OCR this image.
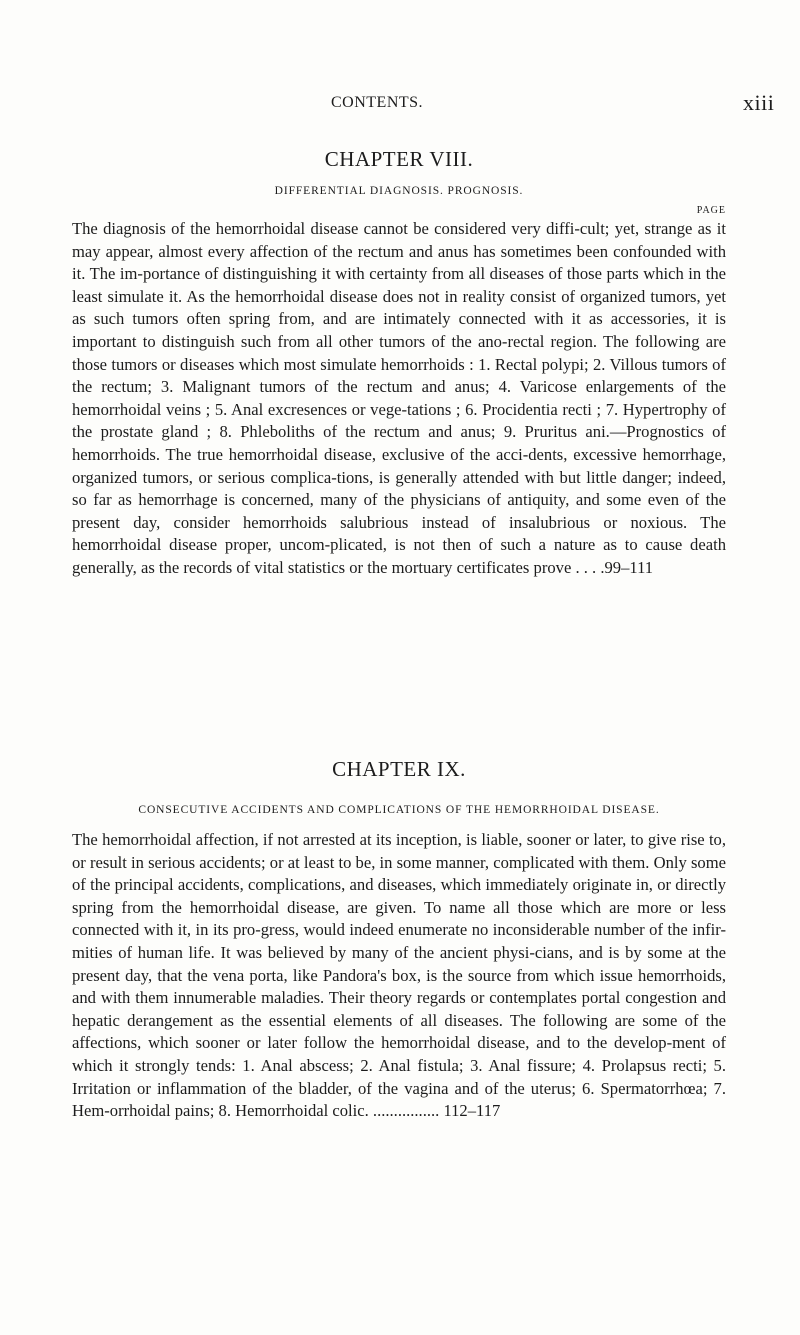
CONTENTS.	xiii
CHAPTER VIII.
DIFFERENTIAL DIAGNOSIS. PROGNOSIS.
PAGE

The diagnosis of the hemorrhoidal disease cannot be considered very diffi-cult; yet, strange as it may appear, almost every affection of the rectum and anus has sometimes been confounded with it. The im-portance of distinguishing it with certainty from all diseases of those parts which in the least simulate it. As the hemorrhoidal disease does not in reality consist of organized tumors, yet as such tumors often spring from, and are intimately connected with it as accessories, it is important to distinguish such from all other tumors of the ano-rectal region. The following are those tumors or diseases which most simulate hemorrhoids : 1. Rectal polypi; 2. Villous tumors of the rectum; 3. Malignant tumors of the rectum and anus; 4. Varicose enlargements of the hemorrhoidal veins ; 5. Anal excresences or vege-tations ; 6. Procidentia recti ; 7. Hypertrophy of the prostate gland ; 8. Phleboliths of the rectum and anus; 9. Pruritus ani.—Prognostics of hemorrhoids. The true hemorrhoidal disease, exclusive of the acci-dents, excessive hemorrhage, organized tumors, or serious complica-tions, is generally attended with but little danger; indeed, so far as hemorrhage is concerned, many of the physicians of antiquity, and some even of the present day, consider hemorrhoids salubrious instead of insalubrious or noxious. The hemorrhoidal disease proper, uncom-plicated, is not then of such a nature as to cause death generally, as the records of vital statistics or the mortuary certificates prove . . . .99–111

CHAPTER IX.
CONSECUTIVE ACCIDENTS AND COMPLICATIONS OF THE HEMORRHOIDAL DISEASE.

The hemorrhoidal affection, if not arrested at its inception, is liable, sooner or later, to give rise to, or result in serious accidents; or at least to be, in some manner, complicated with them. Only some of the principal accidents, complications, and diseases, which immediately originate in, or directly spring from the hemorrhoidal disease, are given. To name all those which are more or less connected with it, in its pro-gress, would indeed enumerate no inconsiderable number of the infir-mities of human life. It was believed by many of the ancient physi-cians, and is by some at the present day, that the vena porta, like Pandora's box, is the source from which issue hemorrhoids, and with them innumerable maladies. Their theory regards or contemplates portal congestion and hepatic derangement as the essential elements of all diseases. The following are some of the affections, which sooner or later follow the hemorrhoidal disease, and to the develop-ment of which it strongly tends: 1. Anal abscess; 2. Anal fistula; 3. Anal fissure; 4. Prolapsus recti; 5. Irritation or inflammation of the bladder, of the vagina and of the uterus; 6. Spermatorrhœa; 7. Hem-orrhoidal pains; 8. Hemorrhoidal colic. ................ 112–117
